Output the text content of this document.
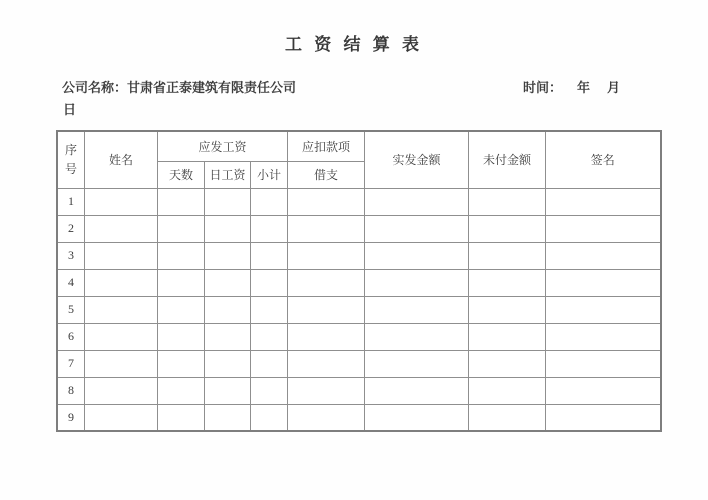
工 资 结 算 表
公司名称：甘肃省正泰建筑有限责任公司	时间： 年 月
日
序号	姓名	应发工资			应扣款项	实发金额	未付金额	签名
		天数	日工资	小计	借支			
1								
2								
3								
4								
5								
6								
7								
8								
9								
